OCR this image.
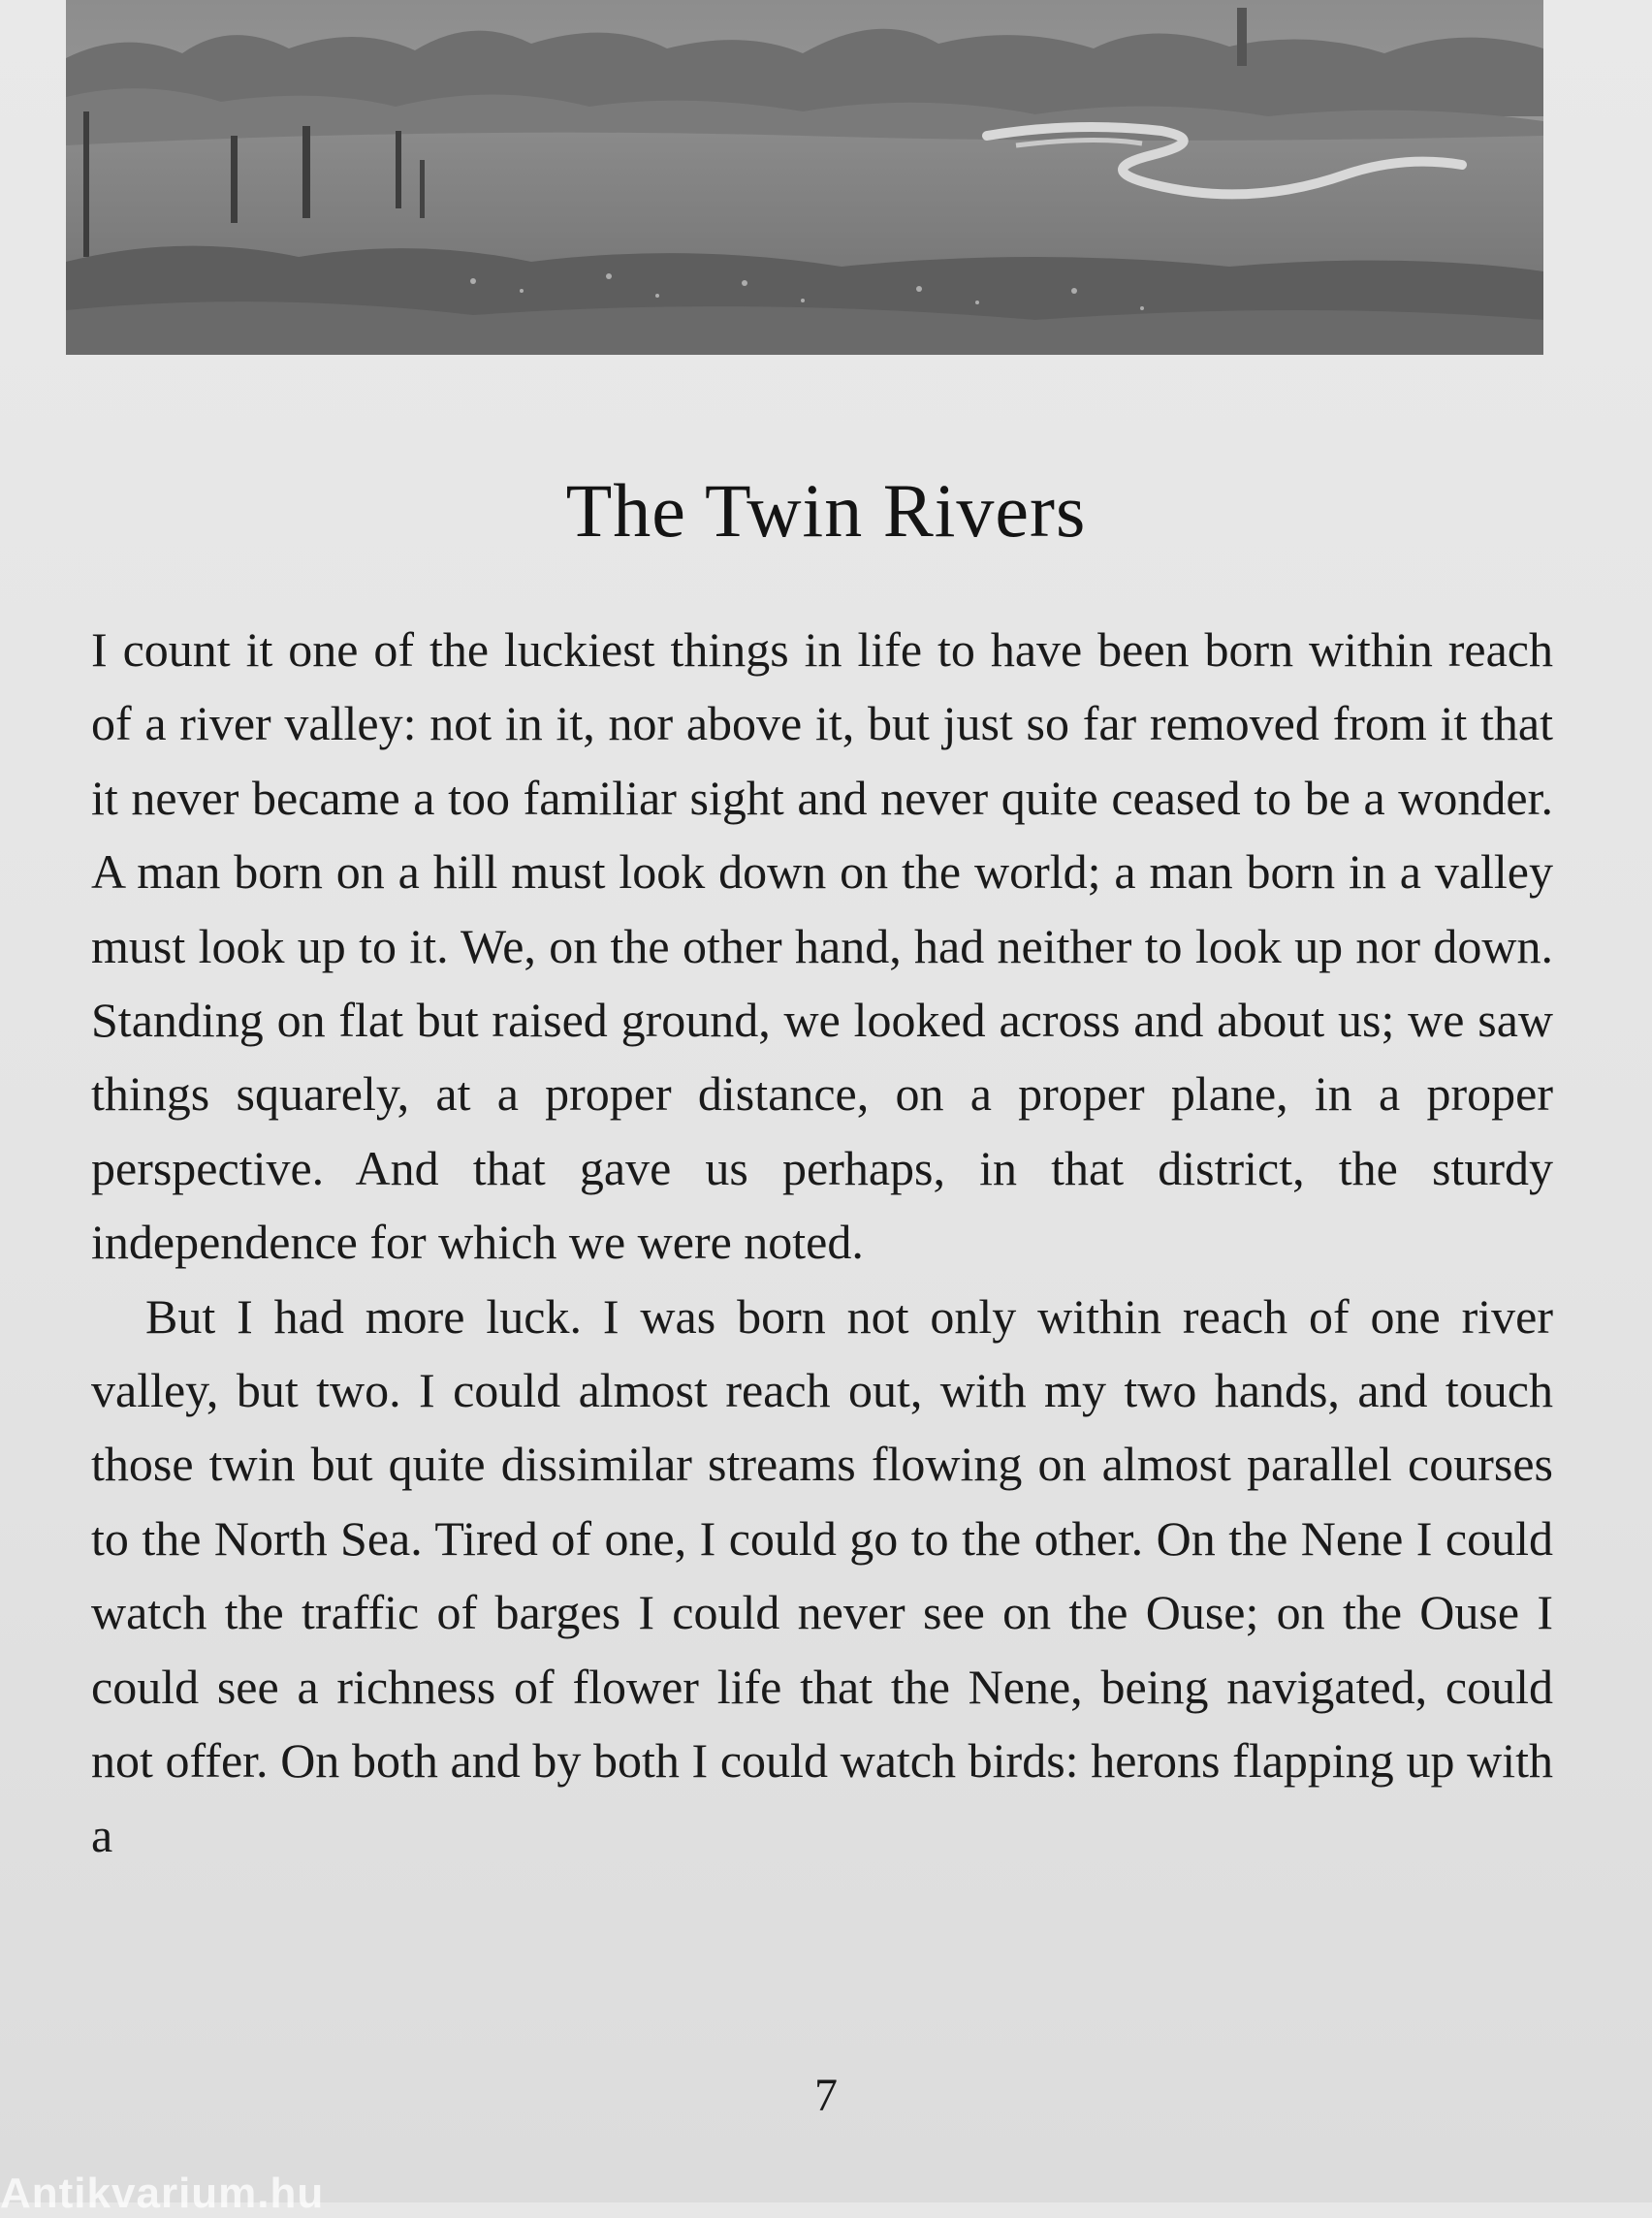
The Twin Rivers

I count it one of the luckiest things in life to have been born within reach of a river valley: not in it, nor above it, but just so far removed from it that it never became a too familiar sight and never quite ceased to be a wonder. A man born on a hill must look down on the world; a man born in a valley must look up to it. We, on the other hand, had neither to look up nor down. Standing on flat but raised ground, we looked across and about us; we saw things squarely, at a proper distance, on a proper plane, in a proper perspective. And that gave us perhaps, in that district, the sturdy independence for which we were noted.

But I had more luck. I was born not only within reach of one river valley, but two. I could almost reach out, with my two hands, and touch those twin but quite dissimilar streams flowing on almost parallel courses to the North Sea. Tired of one, I could go to the other. On the Nene I could watch the traffic of barges I could never see on the Ouse; on the Ouse I could see a richness of flower life that the Nene, being navigated, could not offer. On both and by both I could watch birds: herons flapping up with a

7
Antikvarium.hu
